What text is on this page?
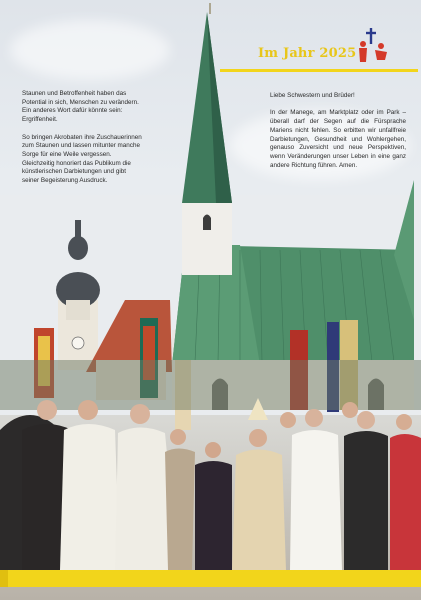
Im Jahr 2025

Staunen und Betroffenheit haben das Potential in sich, Menschen zu verändern. Ein anderes Wort dafür könnte sein: Ergriffenheit.

So bringen Akrobaten ihre Zuschauerinnen zum Staunen und lassen mitunter manche Sorge für eine Weile vergessen. Gleichzeitig honoriert das Publikum die künstlerischen Darbietungen und gibt seiner Begeisterung Ausdruck.

Liebe Schwestern und Brüder!

In der Manege, am Marktplatz oder im Park – überall darf der Segen auf die Fürsprache Mariens nicht fehlen. So erbitten wir unfallfreie Darbietungen, Gesundheit und Wohlergehen, genauso Zuversicht und neue Perspektiven, wenn Veränderungen unser Leben in eine ganz andere Richtung führen. Amen.
